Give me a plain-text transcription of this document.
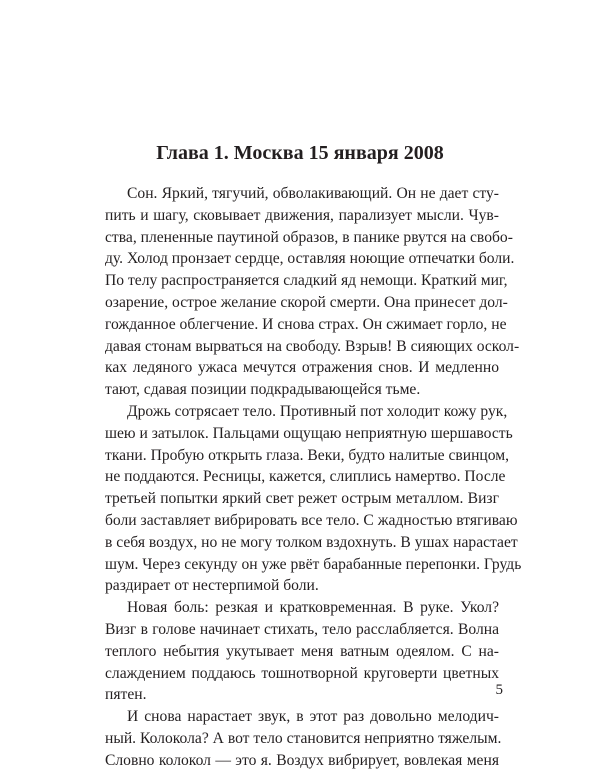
Глава 1. Москва 15 января 2008
Сон. Яркий, тягучий, обволакивающий. Он не дает сту-
пить и шагу, сковывает движения, парализует мысли. Чув-
ства, плененные паутиной образов, в панике рвутся на свобо-
ду. Холод пронзает сердце, оставляя ноющие отпечатки боли.
По телу распространяется сладкий яд немощи. Краткий миг,
озарение, острое желание скорой смерти. Она принесет дол-
гожданное облегчение. И снова страх. Он сжимает горло, не
давая стонам вырваться на свободу. Взрыв! В сияющих оскол-
ках ледяного ужаса мечутся отражения снов. И медленно
тают, сдавая позиции подкрадывающейся тьме.
Дрожь сотрясает тело. Противный пот холодит кожу рук,
шею и затылок. Пальцами ощущаю неприятную шершавость
ткани. Пробую открыть глаза. Веки, будто налитые свинцом,
не поддаются. Ресницы, кажется, слиплись намертво. После
третьей попытки яркий свет режет острым металлом. Визг
боли заставляет вибрировать все тело. С жадностью втягиваю
в себя воздух, но не могу толком вздохнуть. В ушах нарастает
шум. Через секунду он уже рвёт барабанные перепонки. Грудь
раздирает от нестерпимой боли.
Новая боль: резкая и кратковременная. В руке. Укол?
Визг в голове начинает стихать, тело расслабляется. Волна
теплого небытия укутывает меня ватным одеялом. С на-
слаждением поддаюсь тошнотворной круговерти цветных
пятен.
И снова нарастает звук, в этот раз довольно мелодич-
ный. Колокола? А вот тело становится неприятно тяжелым.
Словно колокол — это я. Воздух вибрирует, вовлекая меня
5
